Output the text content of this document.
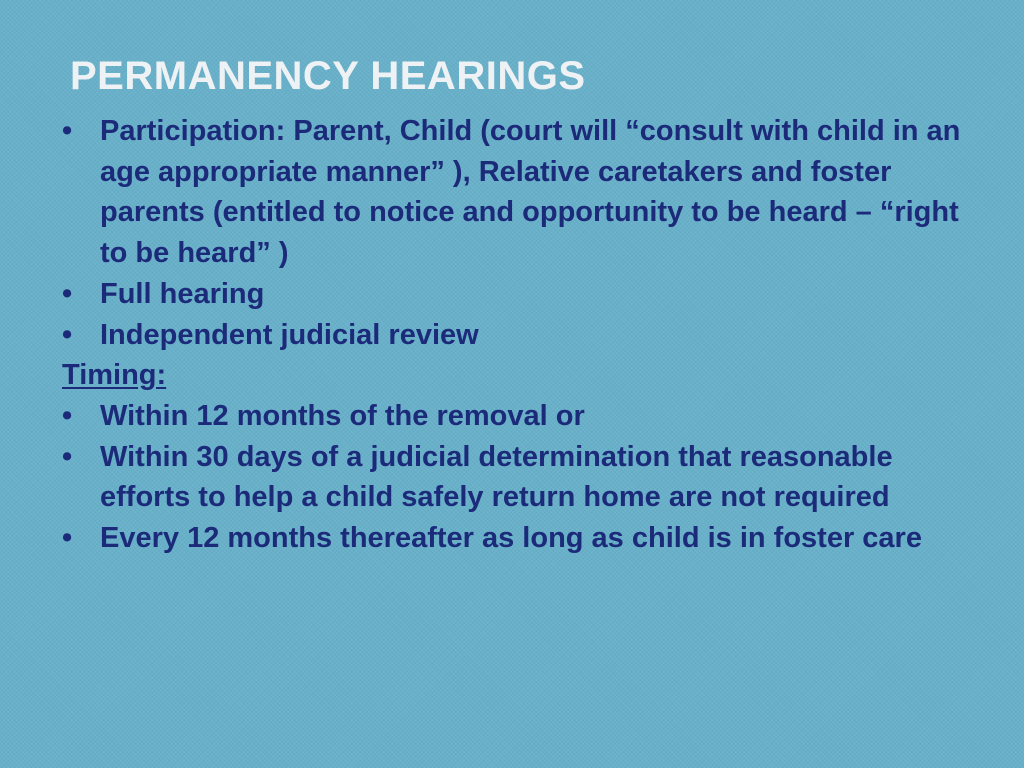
PERMANENCY HEARINGS
• Participation: Parent, Child (court will “consult with child in an age appropriate manner” ), Relative caretakers and foster parents (entitled to notice and opportunity to be heard – “right to be heard” )
• Full hearing
• Independent judicial review
Timing:
• Within 12 months of the removal or
• Within 30 days of a judicial determination that reasonable efforts to help a child safely return home are not required
• Every 12 months thereafter as long as child is in foster care
